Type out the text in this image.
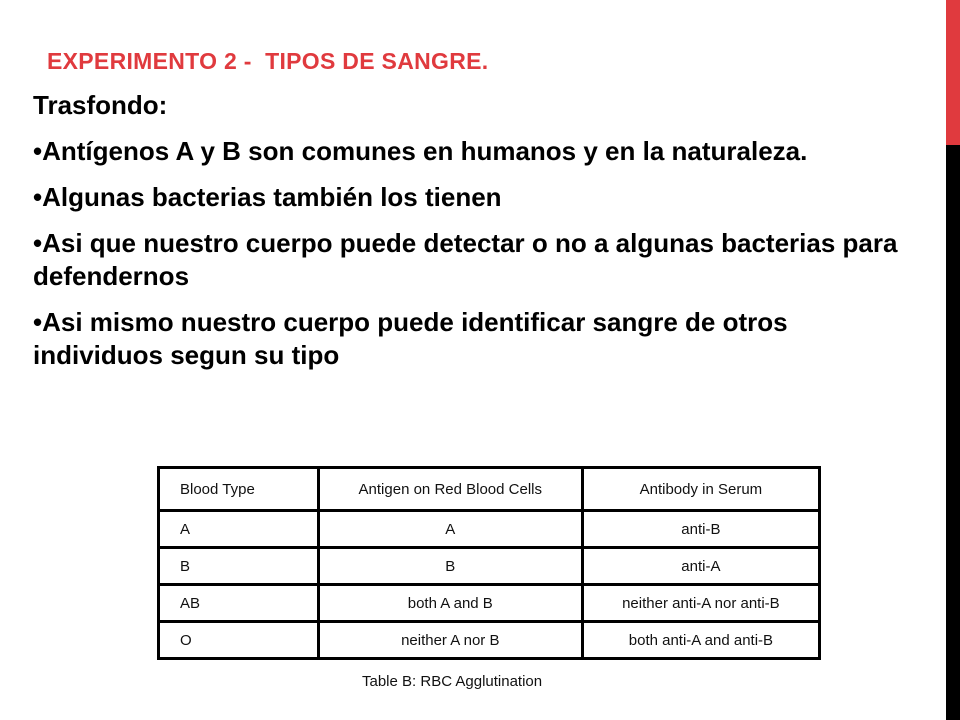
EXPERIMENTO 2 -  TIPOS DE SANGRE.

Trasfondo:

•Antígenos A y B son comunes en humanos y en la naturaleza.

•Algunas bacterias también los tienen

•Asi que nuestro cuerpo puede detectar o no a algunas bacterias para defendernos

•Asi mismo nuestro cuerpo puede identificar sangre de otros individuos segun su tipo

Blood Type	Antigen on Red Blood Cells	Antibody in Serum
A	A	anti-B
B	B	anti-A
AB	both A and B	neither anti-A nor anti-B
O	neither A nor B	both anti-A and anti-B
Table B: RBC Agglutination
